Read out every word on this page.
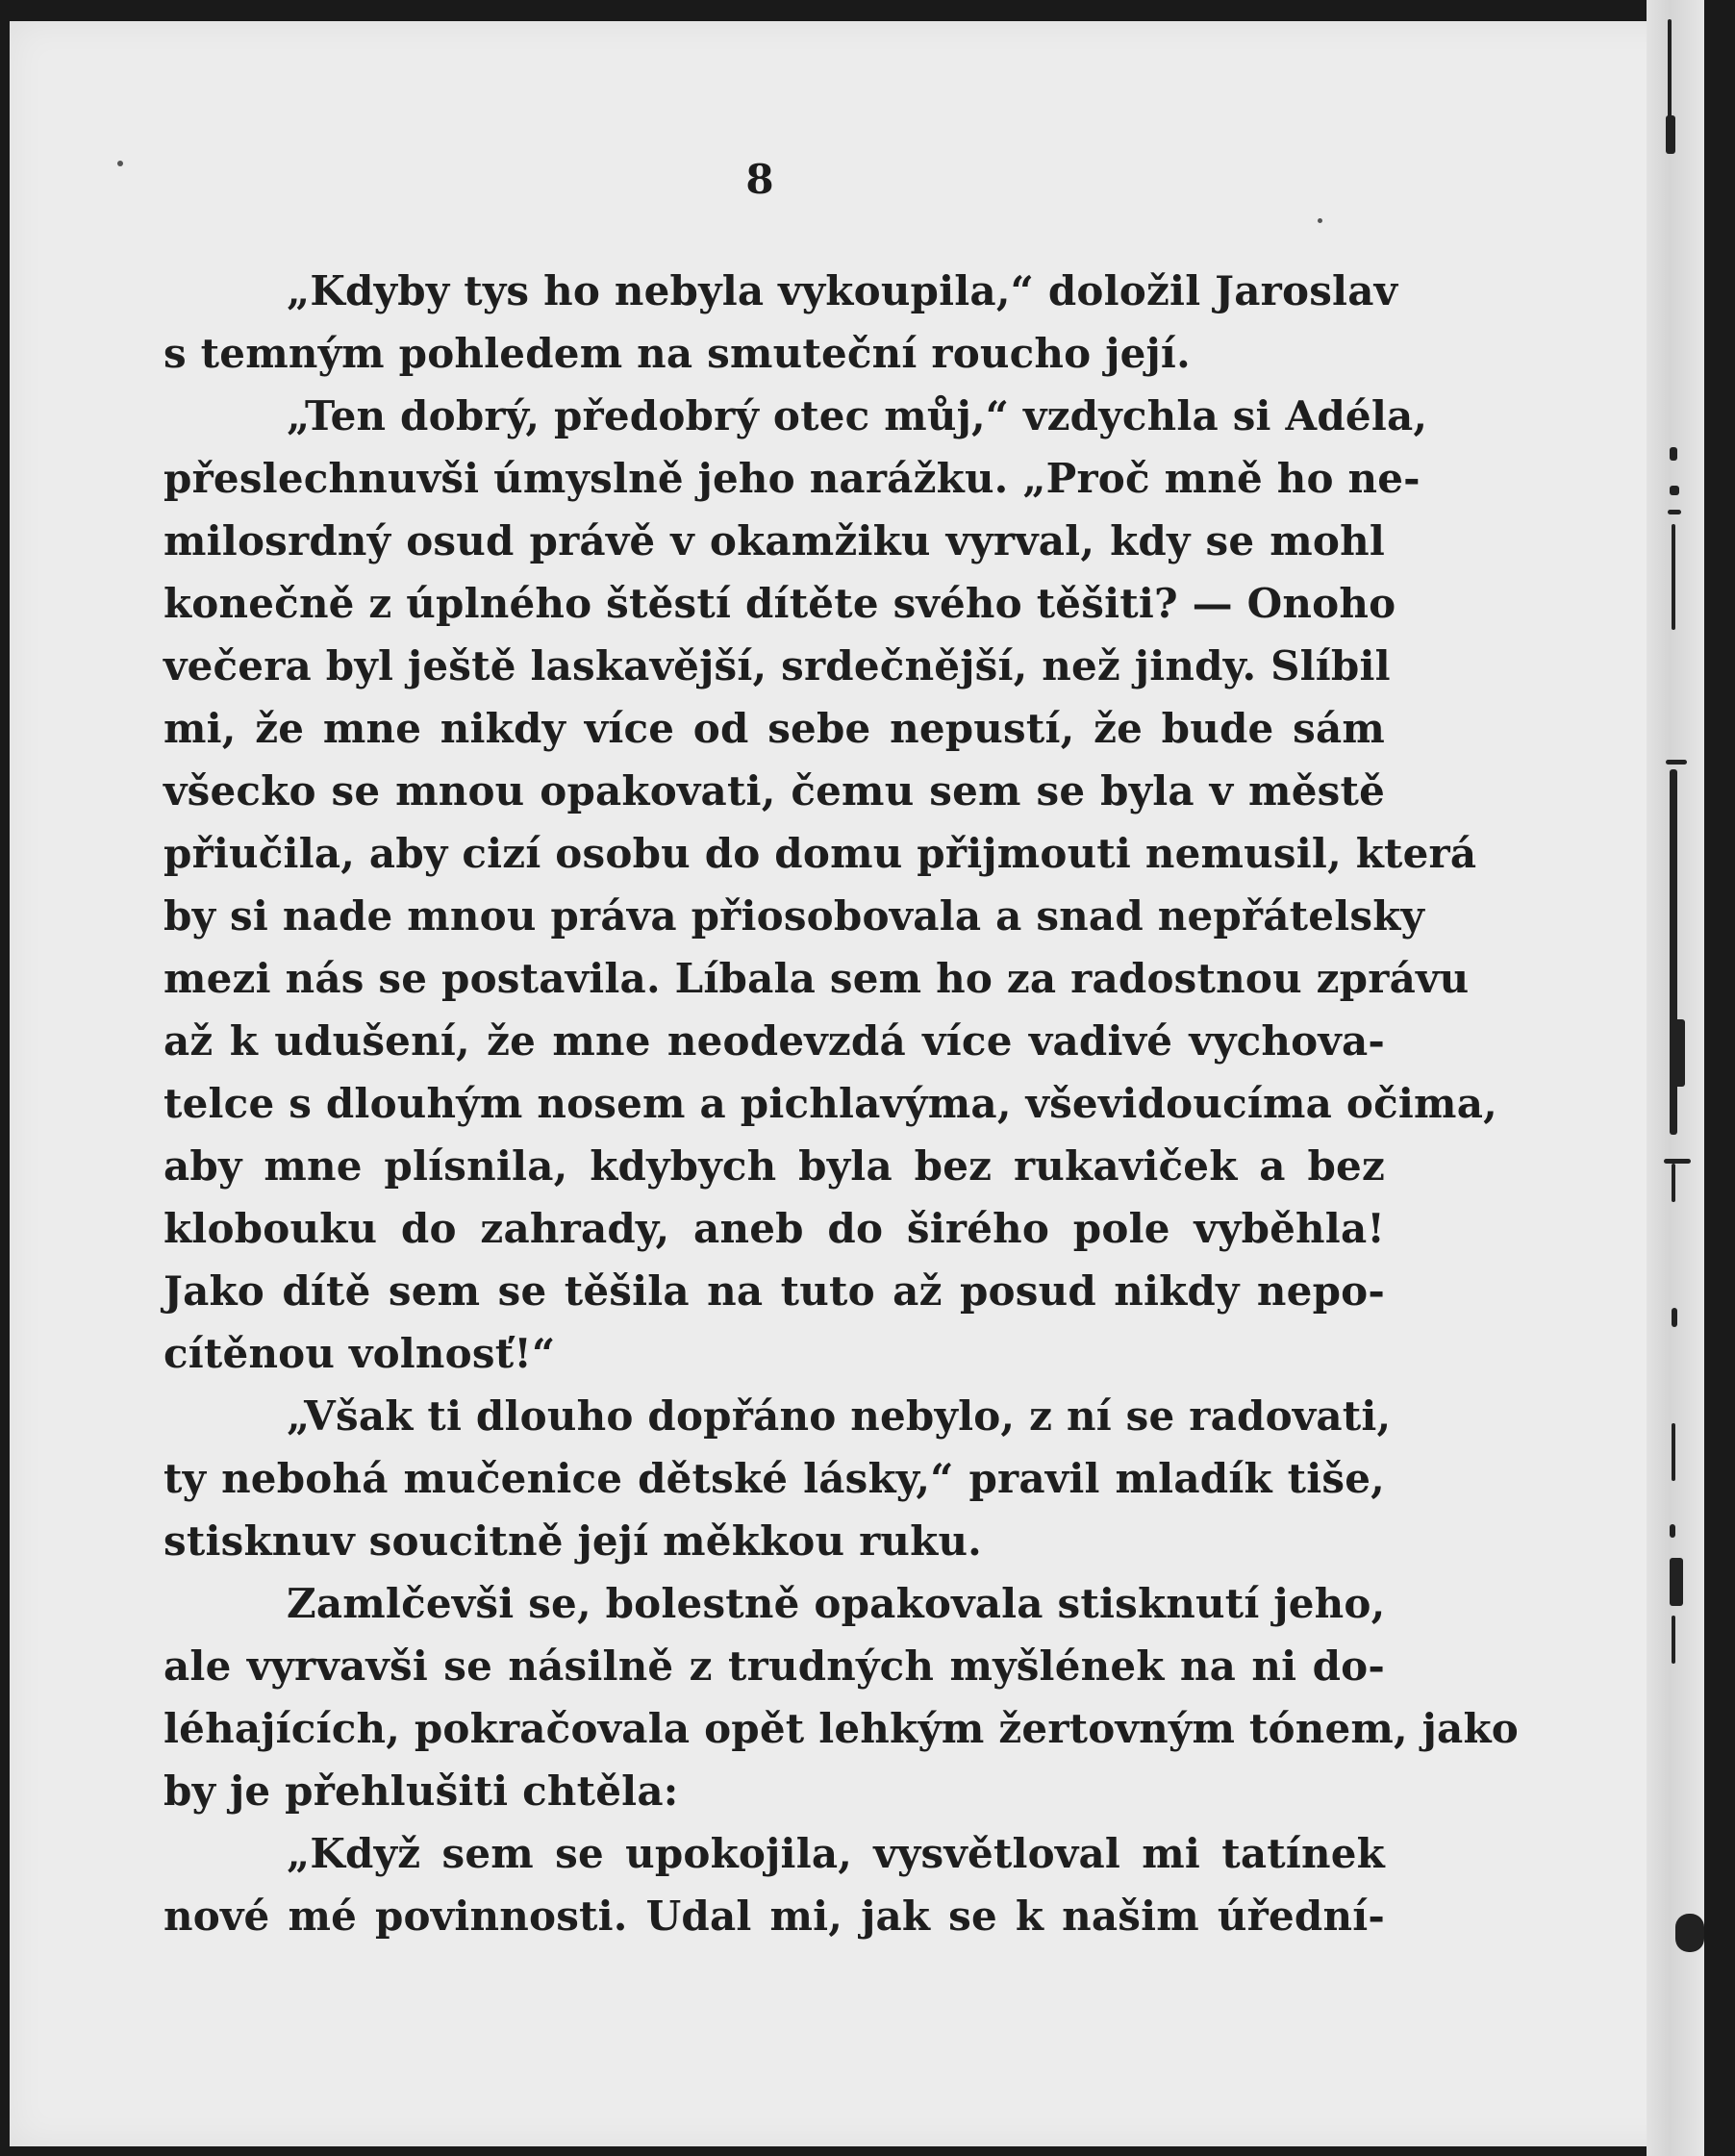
8
„Kdyby tys ho nebyla vykoupila,“ doložil Jaroslav
s temným pohledem na smuteční roucho její.
„Ten dobrý, předobrý otec můj,“ vzdychla si Adéla,
přeslechnuvši úmyslně jeho narážku. „Proč mně ho ne-
milosrdný osud právě v okamžiku vyrval, kdy se mohl
konečně z úplného štěstí dítěte svého těšiti? — Onoho
večera byl ještě laskavější, srdečnější, než jindy. Slíbil
mi, že mne nikdy více od sebe nepustí, že bude sám
všecko se mnou opakovati, čemu sem se byla v městě
přiučila, aby cizí osobu do domu přijmouti nemusil, která
by si nade mnou práva přiosobovala a snad nepřátelsky
mezi nás se postavila. Líbala sem ho za radostnou zprávu
až k udušení, že mne neodevzdá více vadivé vychova-
telce s dlouhým nosem a pichlavýma, vševidoucíma očima,
aby mne plísnila, kdybych byla bez rukaviček a bez
klobouku do zahrady, aneb do širého pole vyběhla!
Jako dítě sem se těšila na tuto až posud nikdy nepo-
cítěnou volnosť!“
„Však ti dlouho dopřáno nebylo, z ní se radovati,
ty nebohá mučenice dětské lásky,“ pravil mladík tiše,
stisknuv soucitně její měkkou ruku.
Zamlčevši se, bolestně opakovala stisknutí jeho,
ale vyrvavši se násilně z trudných myšlének na ni do-
léhajících, pokračovala opět lehkým žertovným tónem, jako
by je přehlušiti chtěla:
„Když sem se upokojila, vysvětloval mi tatínek
nové mé povinnosti. Udal mi, jak se k našim úřední-
